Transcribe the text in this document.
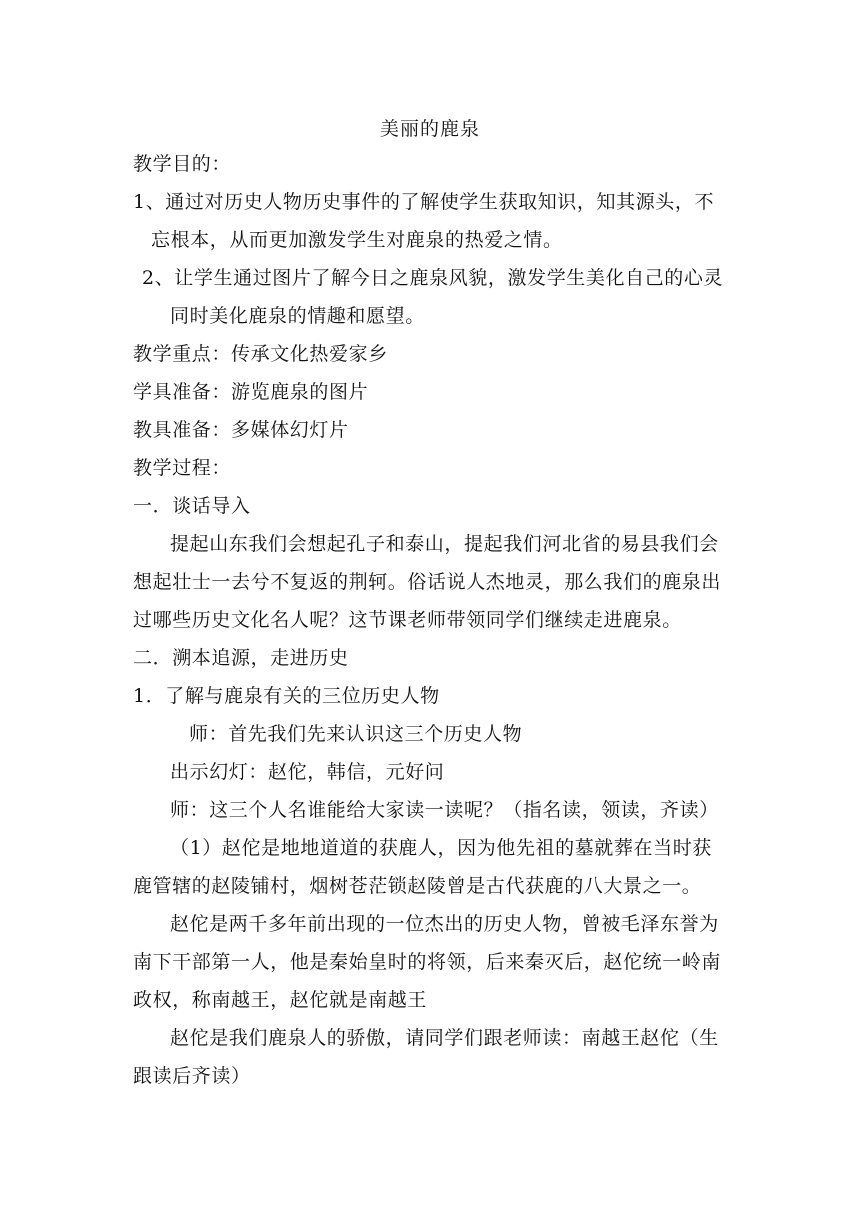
美丽的鹿泉
教学目的：
1、通过对历史人物历史事件的了解使学生获取知识，知其源头，不
忘根本，从而更加激发学生对鹿泉的热爱之情。
2、让学生通过图片了解今日之鹿泉风貌，激发学生美化自己的心灵
同时美化鹿泉的情趣和愿望。
教学重点：传承文化热爱家乡
学具准备：游览鹿泉的图片
教具准备：多媒体幻灯片
教学过程：
一．谈话导入
提起山东我们会想起孔子和泰山，提起我们河北省的易县我们会
想起壮士一去兮不复返的荆轲。俗话说人杰地灵，那么我们的鹿泉出
过哪些历史文化名人呢？这节课老师带领同学们继续走进鹿泉。
二．溯本追源，走进历史
1．了解与鹿泉有关的三位历史人物
师：首先我们先来认识这三个历史人物
出示幻灯：赵佗，韩信，元好问
师：这三个人名谁能给大家读一读呢？（指名读，领读，齐读）
（1）赵佗是地地道道的获鹿人，因为他先祖的墓就葬在当时获
鹿管辖的赵陵铺村，烟树苍茫锁赵陵曾是古代获鹿的八大景之一。
赵佗是两千多年前出现的一位杰出的历史人物，曾被毛泽东誉为
南下干部第一人，他是秦始皇时的将领，后来秦灭后，赵佗统一岭南
政权，称南越王，赵佗就是南越王
赵佗是我们鹿泉人的骄傲，请同学们跟老师读：南越王赵佗（生
跟读后齐读）
